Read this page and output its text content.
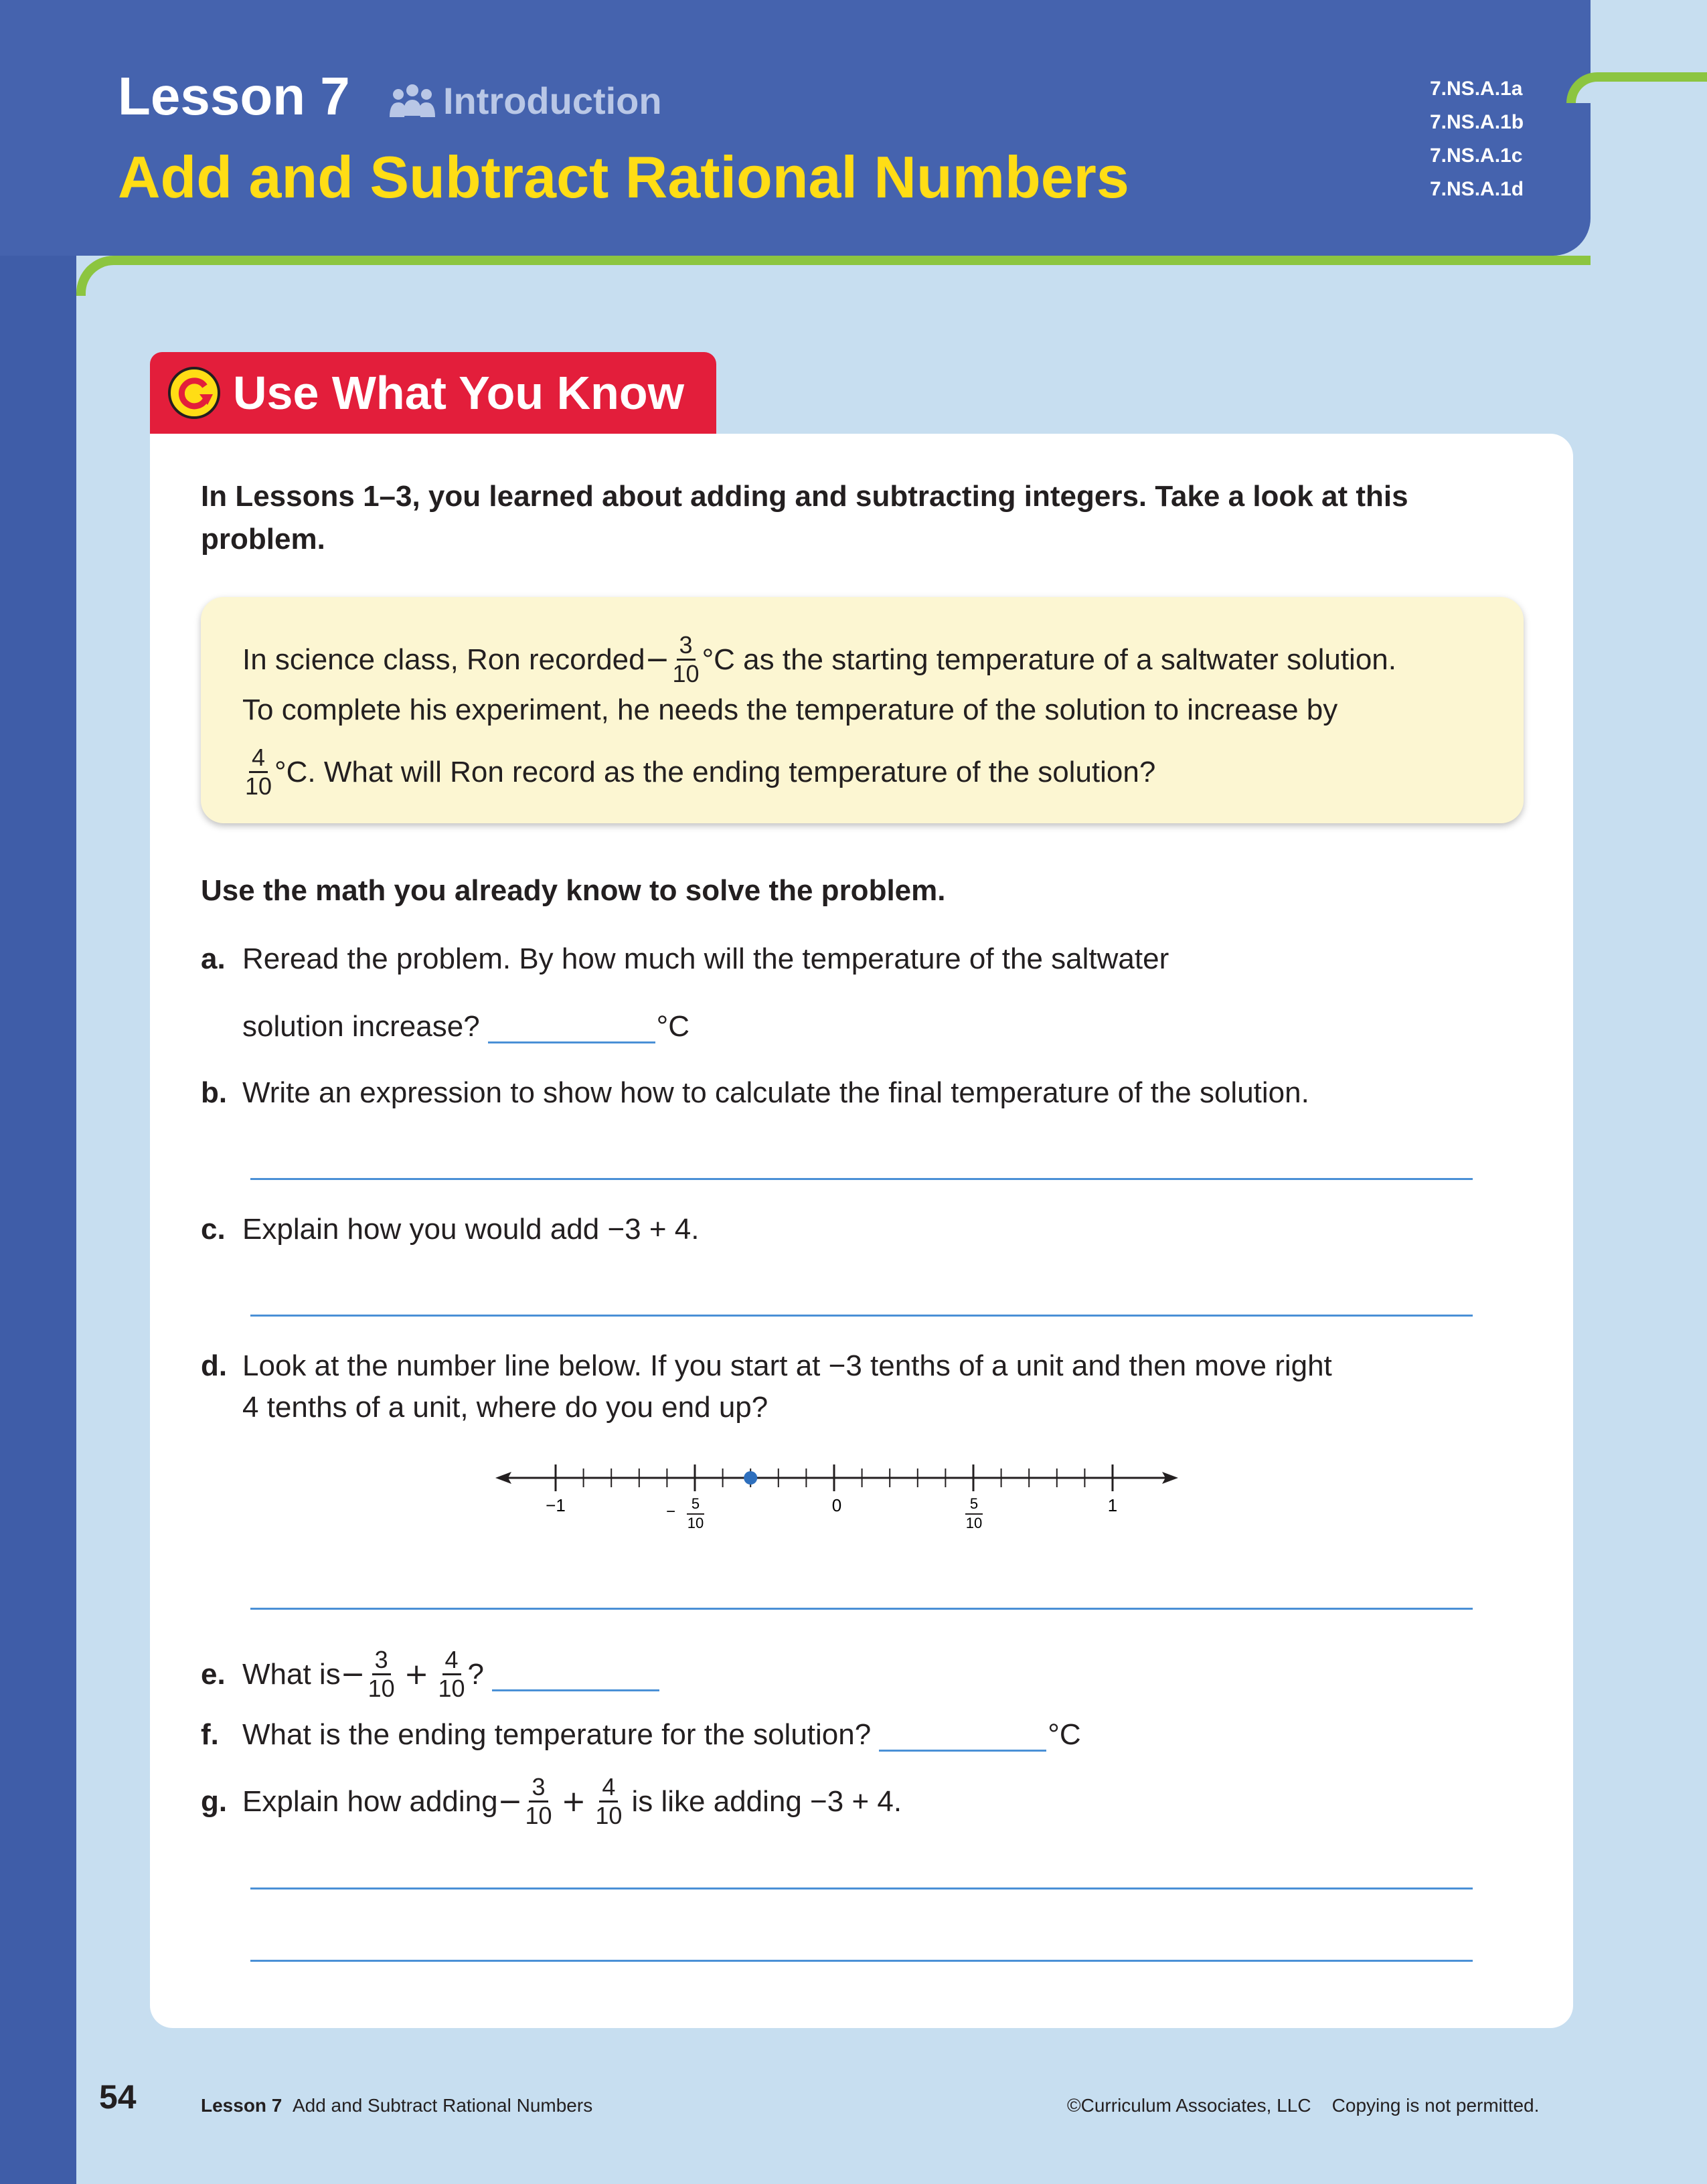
Lesson 7 Introduction
Add and Subtract Rational Numbers
7.NS.A.1a
7.NS.A.1b
7.NS.A.1c
7.NS.A.1d
Use What You Know
In Lessons 1–3, you learned about adding and subtracting integers. Take a look at this problem.
In science class, Ron recorded − $\frac{3}{10} ^\circ C$ as the starting temperature of a saltwater solution.
To complete his experiment, he needs the temperature of the solution to increase by
$\frac{4}{10} ^\circ C$. What will Ron record as the ending temperature of the solution?
Use the math you already know to solve the problem.
a. Reread the problem. By how much will the temperature of the saltwater
solution increase?	°C
b. Write an expression to show how to calculate the final temperature of the solution.
c. Explain how you would add −3 + 4.
d. Look at the number line below. If you start at −3 tenths of a unit and then move right
4 tenths of a unit, where do you end up?
−1	− 5
10
0	5
10
1
e. What is − $\frac{3}{10} + \frac{4}{10}$ ?
f. What is the ending temperature for the solution?	°C
g. Explain how adding − $\frac{3}{10} + \frac{4}{10}$ is like adding −3 + 4.
54	Lesson 7 Add and Subtract Rational Numbers	©Curriculum Associates, LLC Copying is not permitted.
